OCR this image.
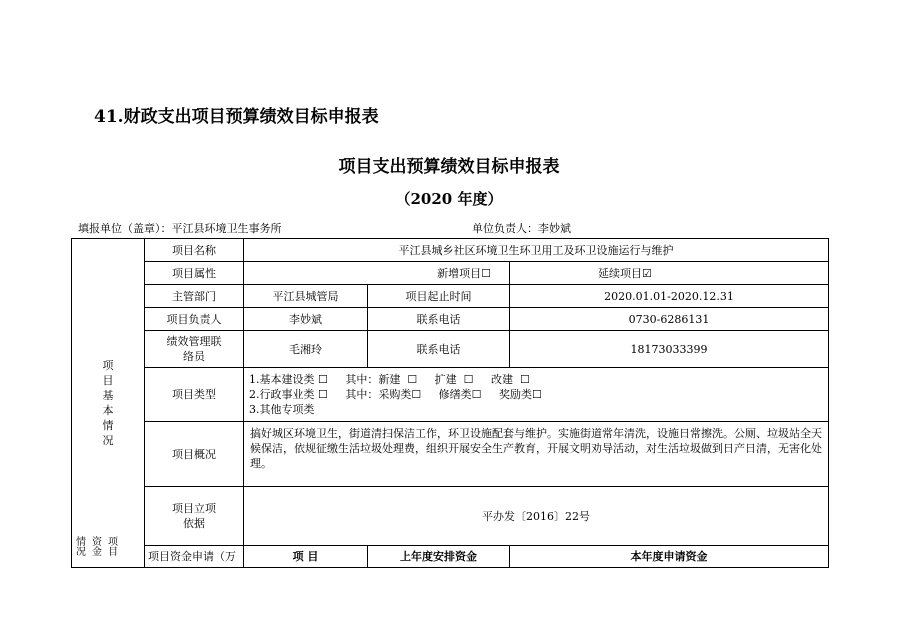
41.财政支出项目预算绩效目标申报表
项目支出预算绩效目标申报表
（2020 年度）
填报单位（盖章）：平江县环境卫生事务所	单位负责人：李妙斌
项目基本情况	项目名称	平江县城乡社区环境卫生环卫用工及环卫设施运行与维护		
	项目属性	新增项目☐		延续项目☑
	主管部门	平江县城管局	项目起止时间	2020.01.01-2020.12.31
	项目负责人	李妙斌	联系电话	0730-6286131
	绩效管理联络员	毛湘玲	联系电话	18173033399
	项目类型	1.基本建设类 ☐     其中：新建  ☐     扩建  ☐     改建  ☐
2.行政事业类 ☐     其中：采购类☐     修缮类☐     奖励类☐
3.其他专项类		

	项目概况	搞好城区环境卫生，街道清扫保洁工作，环卫设施配套与维护。实施街道常年清洗，设施日常擦洗。公厕、垃圾站全天候保洁，依规征缴生活垃圾处理费，组织开展安全生产教育，开展文明劝导活动，对生活垃圾做到日产日清，无害化处理。		
	项目立项依据	平办发〔2016〕22号		
	项目资金申请（万	项 目	上年度安排资金	本年度申请资金
情资项况金目
